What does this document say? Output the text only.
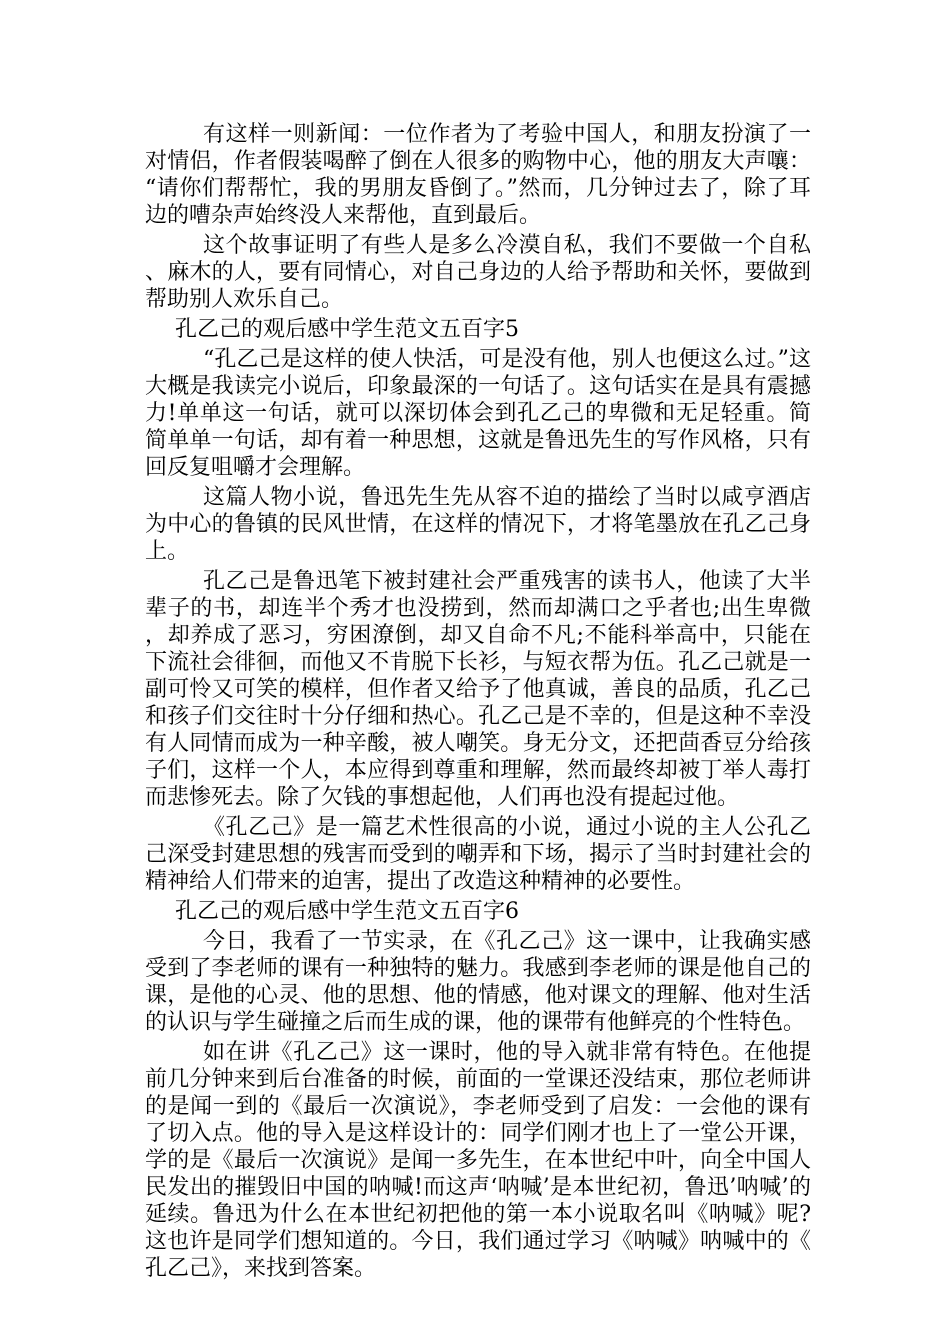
有这样一则新闻：一位作者为了考验中国人，和朋友扮演了一对情侣，作者假装喝醉了倒在人很多的购物中心，他的朋友大声嚷：“请你们帮帮忙，我的男朋友昏倒了。”然而，几分钟过去了，除了耳边的嘈杂声始终没人来帮他，直到最后。

这个故事证明了有些人是多么冷漠自私，我们不要做一个自私、麻木的人，要有同情心，对自己身边的人给予帮助和关怀，要做到帮助别人欢乐自己。

孔乙己的观后感中学生范文五百字5

“孔乙己是这样的使人快活，可是没有他，别人也便这么过。”这大概是我读完小说后，印象最深的一句话了。这句话实在是具有震撼力!单单这一句话，就可以深切体会到孔乙己的卑微和无足轻重。简简单单一句话，却有着一种思想，这就是鲁迅先生的写作风格，只有回反复咀嚼才会理解。

这篇人物小说，鲁迅先生先从容不迫的描绘了当时以咸亨酒店为中心的鲁镇的民风世情，在这样的情况下，才将笔墨放在孔乙己身上。

孔乙己是鲁迅笔下被封建社会严重残害的读书人，他读了大半辈子的书，却连半个秀才也没捞到，然而却满口之乎者也;出生卑微，却养成了恶习，穷困潦倒，却又自命不凡;不能科举高中，只能在下流社会徘徊，而他又不肯脱下长衫，与短衣帮为伍。孔乙己就是一副可怜又可笑的模样，但作者又给予了他真诚，善良的品质，孔乙己和孩子们交往时十分仔细和热心。孔乙己是不幸的，但是这种不幸没有人同情而成为一种辛酸，被人嘲笑。身无分文，还把茴香豆分给孩子们，这样一个人，本应得到尊重和理解，然而最终却被丁举人毒打而悲惨死去。除了欠钱的事想起他，人们再也没有提起过他。

《孔乙己》是一篇艺术性很高的小说，通过小说的主人公孔乙己深受封建思想的残害而受到的嘲弄和下场，揭示了当时封建社会的精神给人们带来的迫害，提出了改造这种精神的必要性。

孔乙己的观后感中学生范文五百字6

今日，我看了一节实录，在《孔乙己》这一课中，让我确实感受到了李老师的课有一种独特的魅力。我感到李老师的课是他自己的课，是他的心灵、他的思想、他的情感，他对课文的理解、他对生活的认识与学生碰撞之后而生成的课，他的课带有他鲜亮的个性特色。

如在讲《孔乙己》这一课时，他的导入就非常有特色。在他提前几分钟来到后台准备的时候，前面的一堂课还没结束，那位老师讲的是闻一到的《最后一次演说》，李老师受到了启发：一会他的课有了切入点。他的导入是这样设计的：同学们刚才也上了一堂公开课，学的是《最后一次演说》是闻一多先生，在本世纪中叶，向全中国人民发出的摧毁旧中国的呐喊!而这声‘呐喊’是本世纪初，鲁迅’呐喊’的延续。鲁迅为什么在本世纪初把他的第一本小说取名叫《呐喊》呢?这也许是同学们想知道的。今日，我们通过学习《呐喊》呐喊中的《孔乙己》，来找到答案。
